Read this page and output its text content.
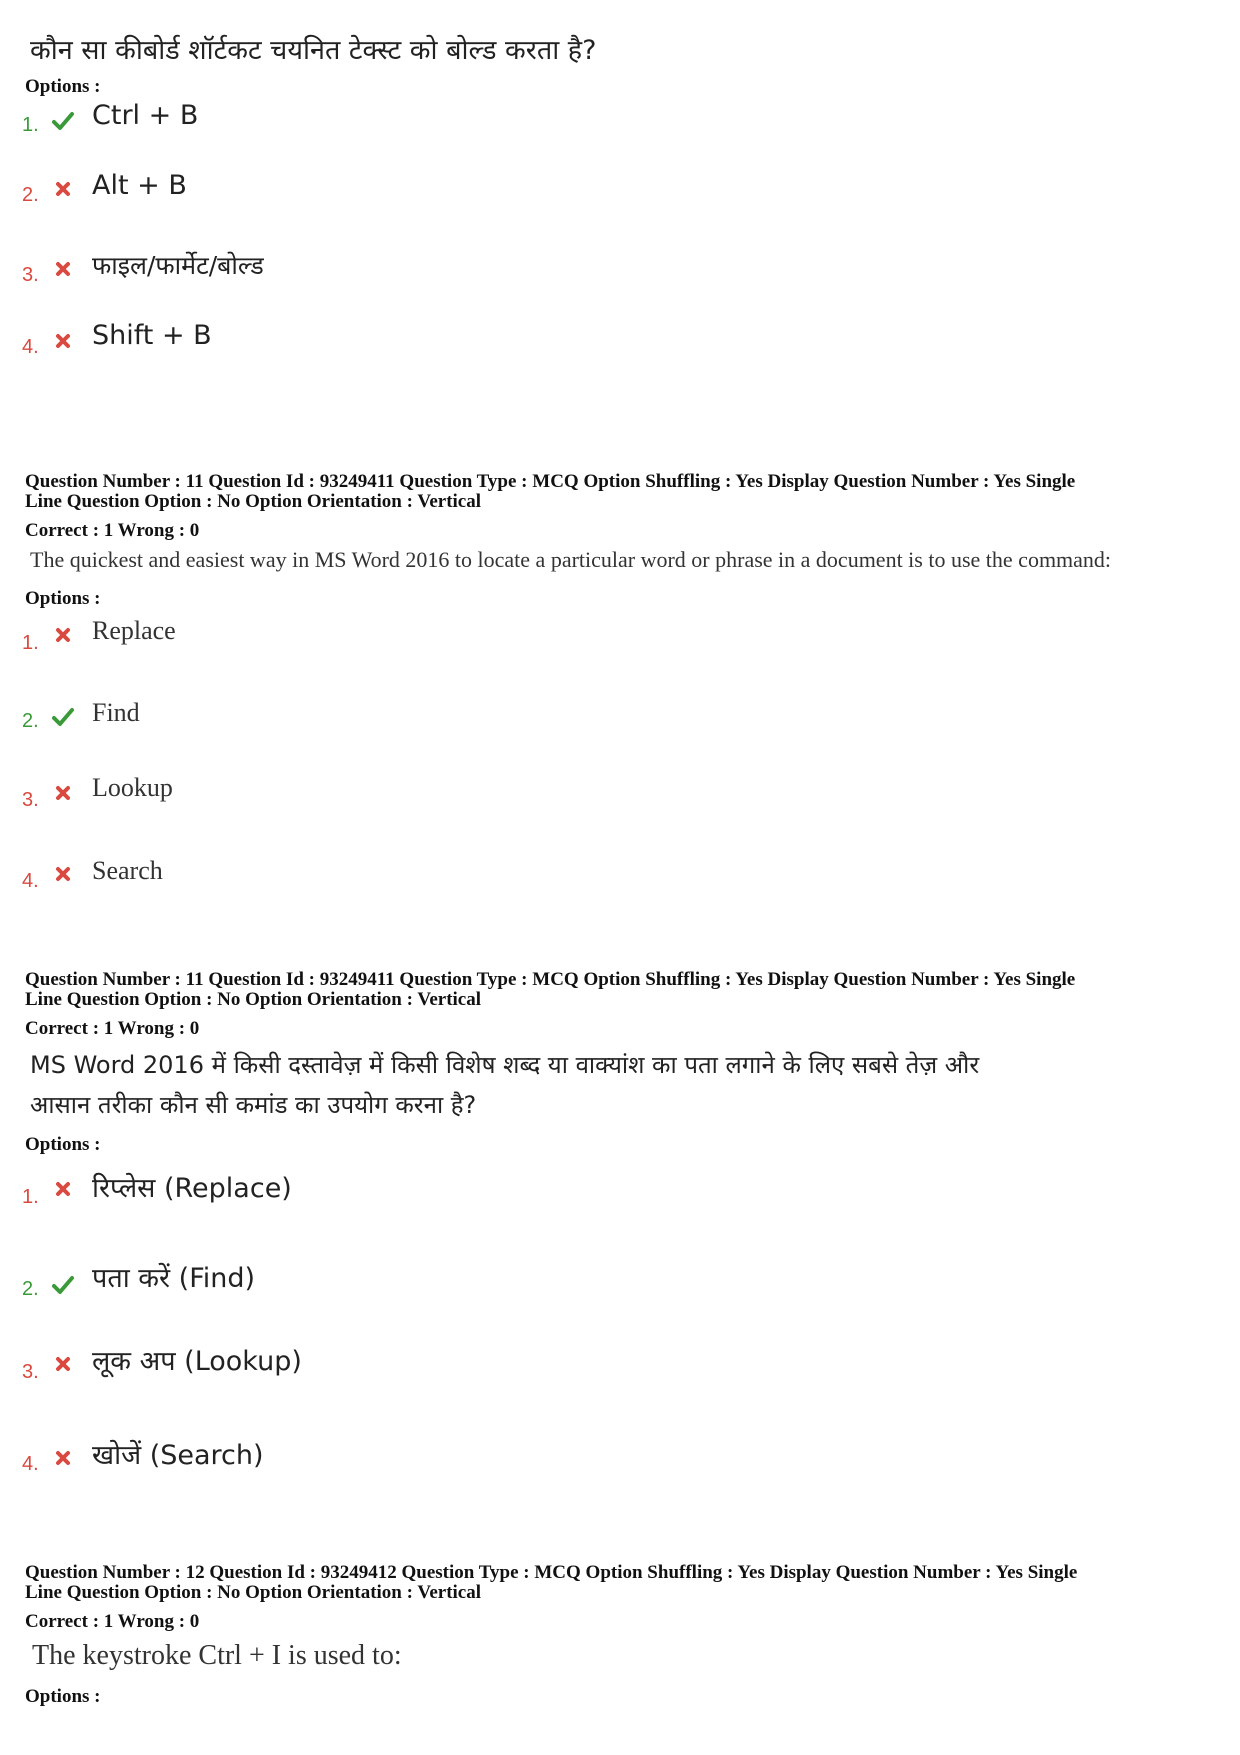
कौन सा कीबोर्ड शॉर्टकट चयनित टेक्स्ट को बोल्ड करता है?
Options :
1. Ctrl + B
2. Alt + B
3. फाइल/फार्मेट/बोल्ड
4. Shift + B
Question Number : 11 Question Id : 93249411 Question Type : MCQ Option Shuffling : Yes Display Question Number : Yes Single
Line Question Option : No Option Orientation : Vertical
Correct : 1 Wrong : 0
The quickest and easiest way in MS Word 2016 to locate a particular word or phrase in a document is to use the command:
Options :
1. Replace
2. Find
3. Lookup
4. Search
Question Number : 11 Question Id : 93249411 Question Type : MCQ Option Shuffling : Yes Display Question Number : Yes Single
Line Question Option : No Option Orientation : Vertical
Correct : 1 Wrong : 0
MS Word 2016 में किसी दस्तावेज़ में किसी विशेष शब्द या वाक्यांश का पता लगाने के लिए सबसे तेज़ और
आसान तरीका कौन सी कमांड का उपयोग करना है?
Options :
1. रिप्लेस (Replace)
2. पता करें (Find)
3. लूक अप (Lookup)
4. खोजें (Search)
Question Number : 12 Question Id : 93249412 Question Type : MCQ Option Shuffling : Yes Display Question Number : Yes Single
Line Question Option : No Option Orientation : Vertical
Correct : 1 Wrong : 0
The keystroke Ctrl + I is used to:
Options :
